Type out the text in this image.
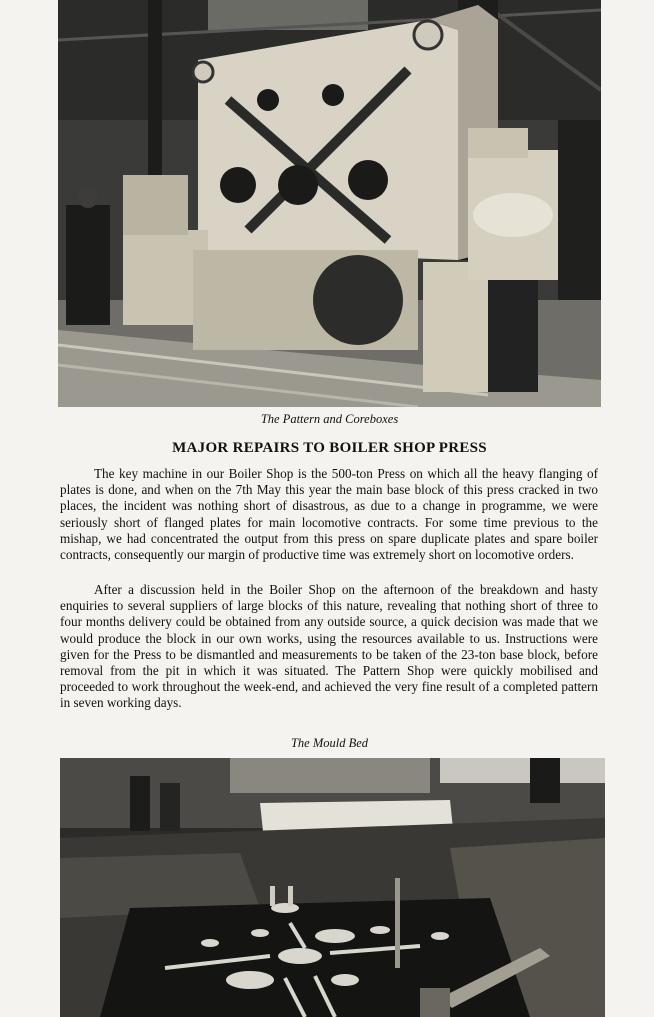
The Pattern and Coreboxes
MAJOR REPAIRS TO BOILER SHOP PRESS

The key machine in our Boiler Shop is the 500-ton Press on which all the heavy flanging of plates is done, and when on the 7th May this year the main base block of this press cracked in two places, the incident was nothing short of disastrous, as due to a change in programme, we were seriously short of flanged plates for main locomotive contracts. For some time previous to the mishap, we had concentrated the output from this press on spare duplicate plates and spare boiler contracts, consequently our margin of productive time was extremely short on locomotive orders.

After a discussion held in the Boiler Shop on the afternoon of the breakdown and hasty enquiries to several suppliers of large blocks of this nature, revealing that nothing short of three to four months delivery could be obtained from any outside source, a quick decision was made that we would produce the block in our own works, using the resources available to us. Instructions were given for the Press to be dismantled and measurements to be taken of the 23-ton base block, before removal from the pit in which it was situated. The Pattern Shop were quickly mobilised and proceeded to work throughout the week-end, and achieved the very fine result of a completed pattern in seven working days.

The Mould Bed
